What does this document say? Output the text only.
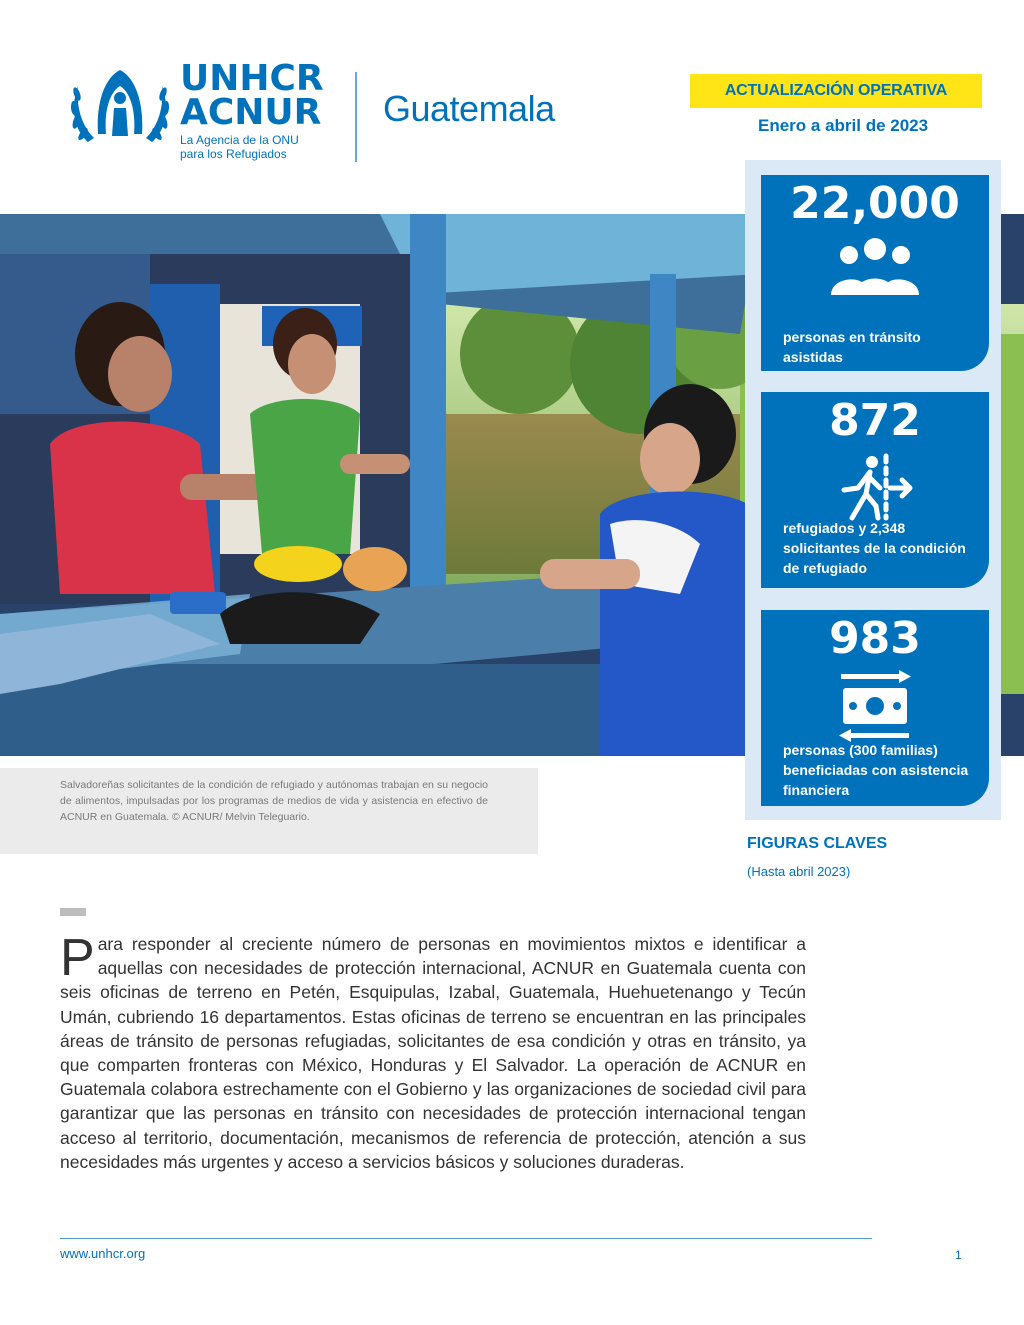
UNHCR
ACNUR
La Agencia de la ONU
para los Refugiados
Guatemala	ACTUALIZACIÓN OPERATIVA
Enero a abril de 2023
Salvadoreñas solicitantes de la condición de refugiado y autónomas trabajan en su negocio de alimentos, impulsadas por los programas de medios de vida y asistencia en efectivo de ACNUR en Guatemala. © ACNUR/ Melvin Teleguario.
22,000
personas en tránsito asistidas
872
refugiados y 2,348 solicitantes de la condición de refugiado
983
personas (300 familias) beneficiadas con asistencia financiera
FIGURAS CLAVES
(Hasta abril 2023)
Para responder al creciente número de personas en movimientos mixtos e identificar a aquellas con necesidades de protección internacional, ACNUR en Guatemala cuenta con seis oficinas de terreno en Petén, Esquipulas, Izabal, Guatemala, Huehuetenango y Tecún Umán, cubriendo 16 departamentos. Estas oficinas de terreno se encuentran en las principales áreas de tránsito de personas refugiadas, solicitantes de esa condición y otras en tránsito, ya que comparten fronteras con México, Honduras y El Salvador. La operación de ACNUR en Guatemala colabora estrechamente con el Gobierno y las organizaciones de sociedad civil para garantizar que las personas en tránsito con necesidades de protección internacional tengan acceso al territorio, documentación, mecanismos de referencia de protección, atención a sus necesidades más urgentes y acceso a servicios básicos y soluciones duraderas.
www.unhcr.org	1
